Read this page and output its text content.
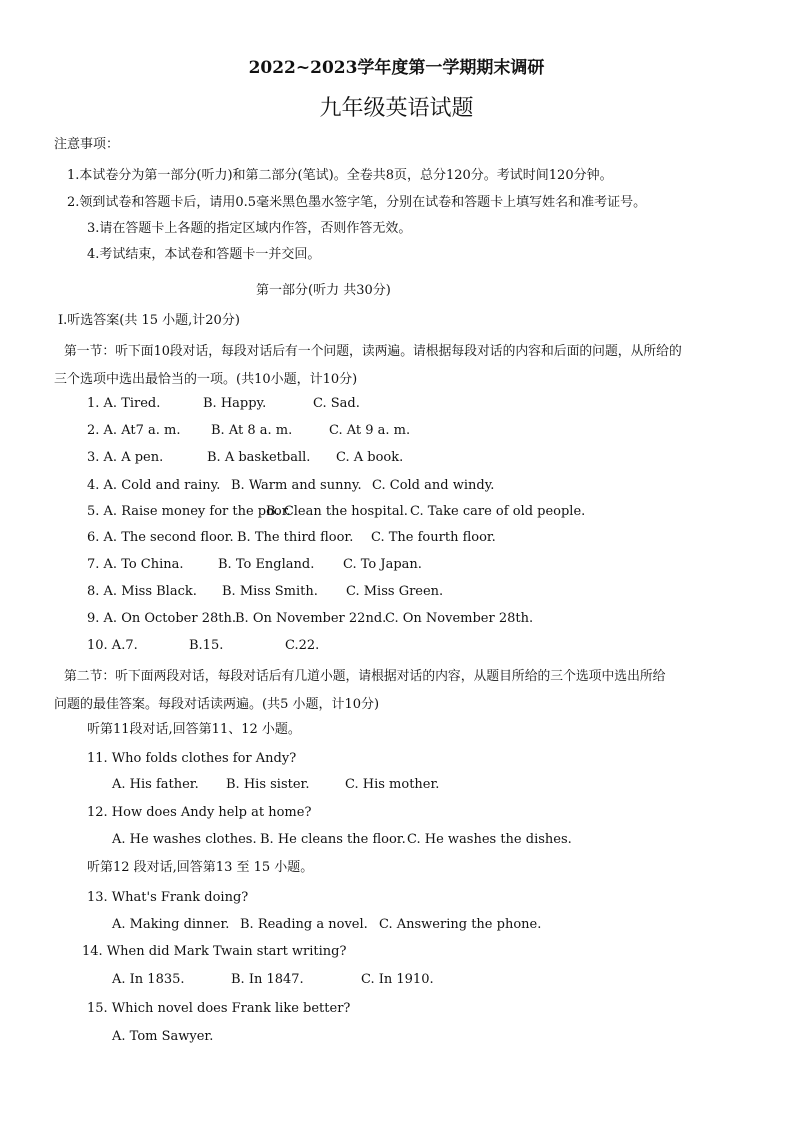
2022~2023学年度第一学期期末调研
九年级英语试题
注意事项：
1.本试卷分为第一部分(听力)和第二部分(笔试)。全卷共8页，总分120分。考试时间120分钟。
2.领到试卷和答题卡后，请用0.5毫米黑色墨水签字笔，分别在试卷和答题卡上填写姓名和准考证号。
3.请在答题卡上各题的指定区域内作答，否则作答无效。
4.考试结束，本试卷和答题卡一并交回。
第一部分(听力 共30分)
Ⅰ.听选答案(共 15 小题,计20分)
第一节：听下面10段对话，每段对话后有一个问题，读两遍。请根据每段对话的内容和后面的问题，从所给的
三个选项中选出最恰当的一项。(共10小题，计10分)
1. A. Tired.	B. Happy.	C. Sad.
2. A. At7 a. m. B. At 8 a. m.	C. At 9 a. m.
3. A. A pen.	B. A basketball. C. A book.
4. A. Cold and rainy. B. Warm and sunny. C. Cold and windy.
5. A. Raise money for the poor.
B. Clean the hospital. C. Take care of old people.
6. A. The second floor. B. The third floor. C. The fourth floor.
7. A. To China.	B. To England. C. To Japan.
8. A. Miss Black. B. Miss Smith. C. Miss Green.
9. A. On October 28th. B. On November 22nd.
C. On November 28th.
10. A.7.	B.15.	C.22.
第二节：听下面两段对话，每段对话后有几道小题，请根据对话的内容，从题目所给的三个选项中选出所给
问题的最佳答案。每段对话读两遍。(共5 小题，计10分)
听第11段对话,回答第11、12 小题。
11. Who folds clothes for Andy?
A. His father. B. His sister.	C. His mother.
12. How does Andy help at home?
A. He washes clothes. B. He cleans the floor. C. He washes the dishes.
听第12 段对话,回答第13 至 15 小题。
13. What's Frank doing?
A. Making dinner. B. Reading a novel. C. Answering the phone.
14. When did Mark Twain start writing?
A. In 1835.	B. In 1847.	C. In 1910.
15. Which novel does Frank like better?
A. Tom Sawyer.
